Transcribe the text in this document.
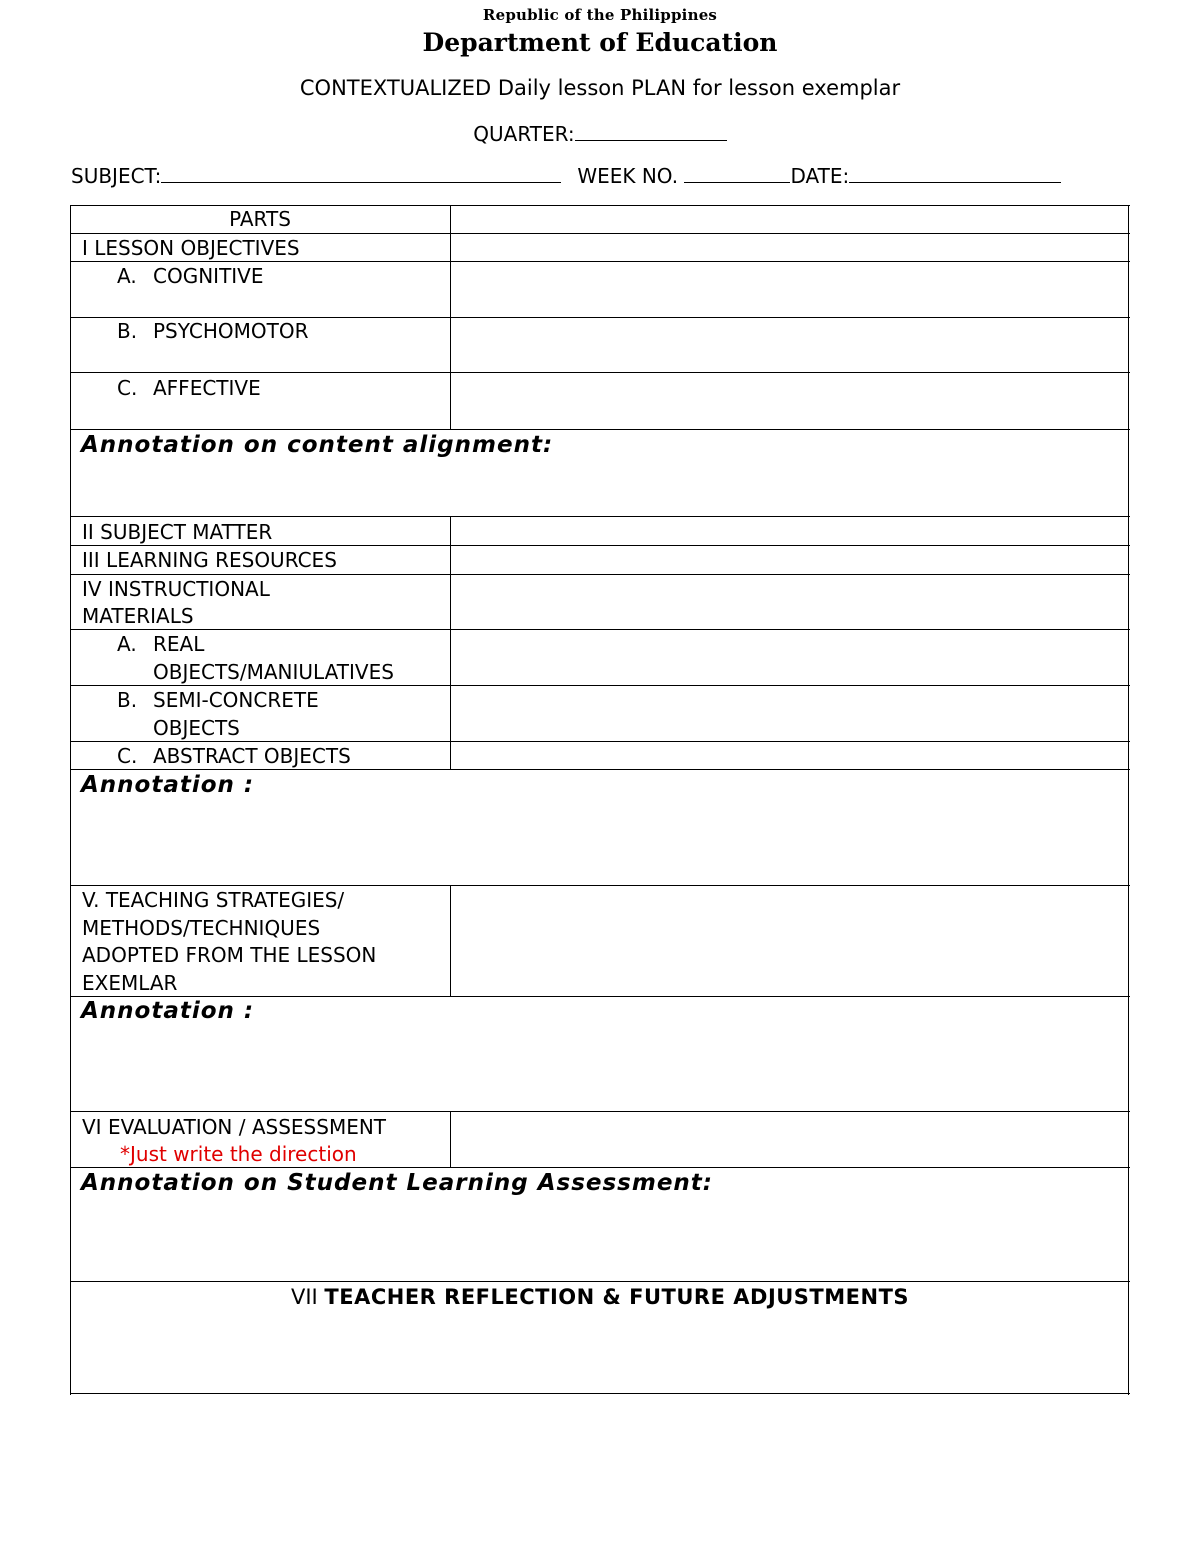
Republic of the Philippines
Department of Education
CONTEXTUALIZED Daily lesson PLAN for lesson exemplar
QUARTER:
SUBJECT:	WEEK NO.	DATE:
PARTS
I LESSON OBJECTIVES
A. COGNITIVE
B. PSYCHOMOTOR
C. AFFECTIVE
Annotation on content alignment:
II SUBJECT MATTER
III LEARNING RESOURCES
IV INSTRUCTIONAL
MATERIALS
A. REAL
OBJECTS/MANIULATIVES
B. SEMI-CONCRETE
OBJECTS
C. ABSTRACT OBJECTS
Annotation :
V. TEACHING STRATEGIES/
METHODS/TECHNIQUES
ADOPTED FROM THE LESSON
EXEMLAR
Annotation :
VI EVALUATION / ASSESSMENT
*Just write the direction
Annotation on Student Learning Assessment:
VII TEACHER REFLECTION & FUTURE ADJUSTMENTS
